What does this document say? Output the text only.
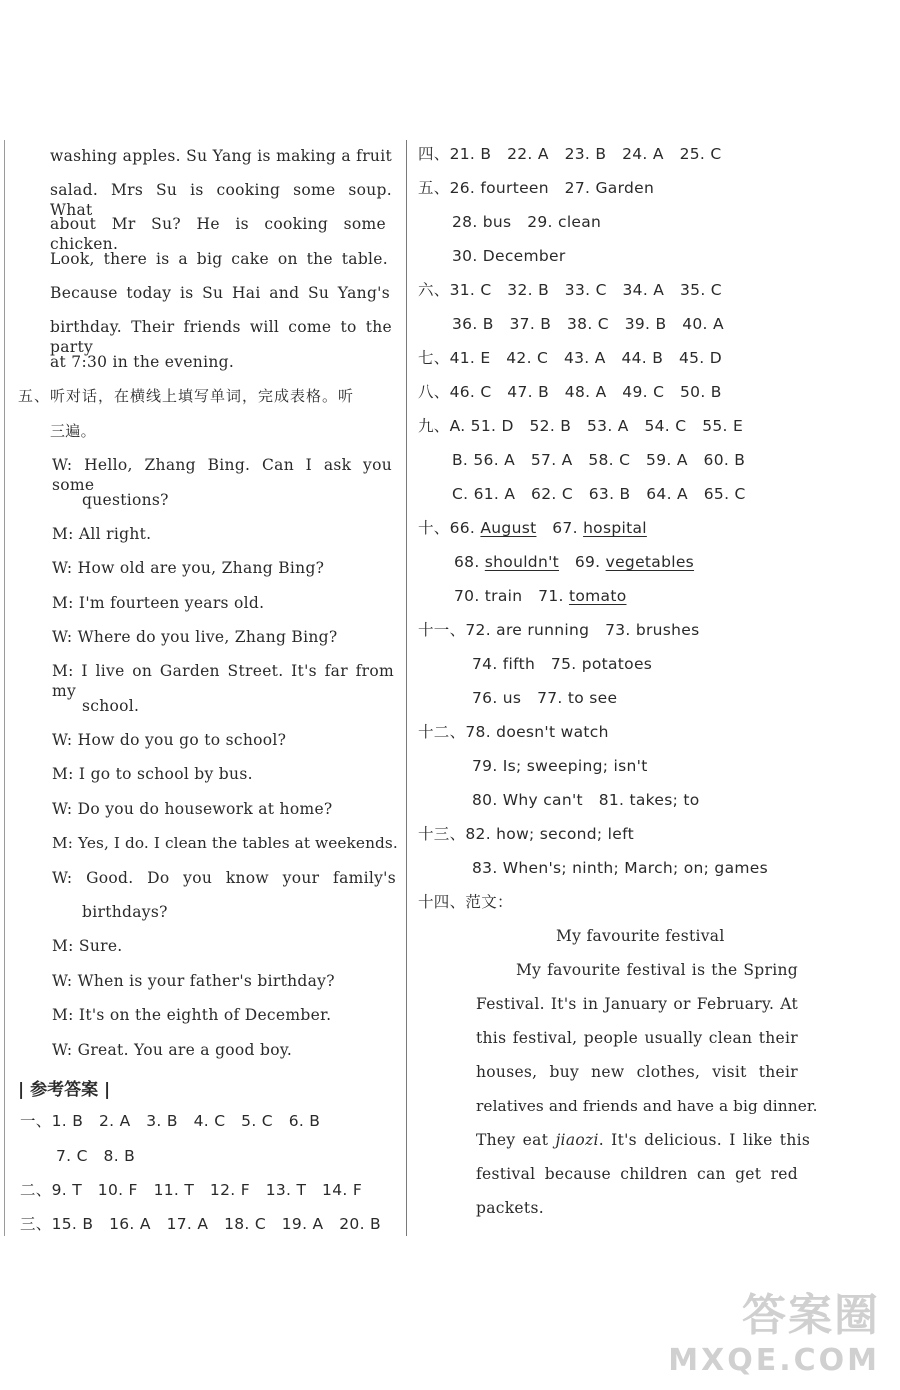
washing apples. Su Yang is making a fruit
salad. Mrs Su is cooking some soup. What
about Mr Su? He is cooking some chicken.
Look, there is a big cake on the table.
Because today is Su Hai and Su Yang's
birthday. Their friends will come to the party
at 7:30 in the evening.
五、听对话，在横线上填写单词，完成表格。听
三遍。
W: Hello, Zhang Bing. Can I ask you some
questions?
M: All right.
W: How old are you, Zhang Bing?
M: I'm fourteen years old.
W: Where do you live, Zhang Bing?
M: I live on Garden Street. It's far from my
school.
W: How do you go to school?
M: I go to school by bus.
W: Do you do housework at home?
M: Yes, I do. I clean the tables at weekends.
W: Good. Do you know your family's
birthdays?
M: Sure.
W: When is your father's birthday?
M: It's on the eighth of December.
W: Great. You are a good boy.
| 参考答案 |
一、1. B　2. A　3. B　4. C　5. C　6. B
7. C　8. B
二、9. T　10. F　11. T　12. F　13. T　14. F
三、15. B　16. A　17. A　18. C　19. A　20. B
四、21. B　22. A　23. B　24. A　25. C
五、26. fourteen　27. Garden
28. bus　29. clean
30. December
六、31. C　32. B　33. C　34. A　35. C
36. B　37. B　38. C　39. B　40. A
七、41. E　42. C　43. A　44. B　45. D
八、46. C　47. B　48. A　49. C　50. B
九、A. 51. D　52. B　53. A　54. C　55. E
B. 56. A　57. A　58. C　59. A　60. B
C. 61. A　62. C　63. B　64. A　65. C
十、66. August　 67. hospital
68. shouldn't　 69. vegetables
70. train　 71. tomato
十一、72. are running　73. brushes
74. fifth　75. potatoes
76. us　77. to see
十二、78. doesn't watch
79. Is; sweeping; isn't
80. Why can't　81. takes; to
十三、82. how; second; left
83. When's; ninth; March; on; games
十四、范文：
My favourite festival
My favourite festival is the Spring
Festival. It's in January or February. At
this festival, people usually clean their
houses, buy new clothes, visit their
relatives and friends and have a big dinner.
They eat jiaozi. It's delicious. I like this
festival because children can get red
packets.
答案圈
MXQE.COM
